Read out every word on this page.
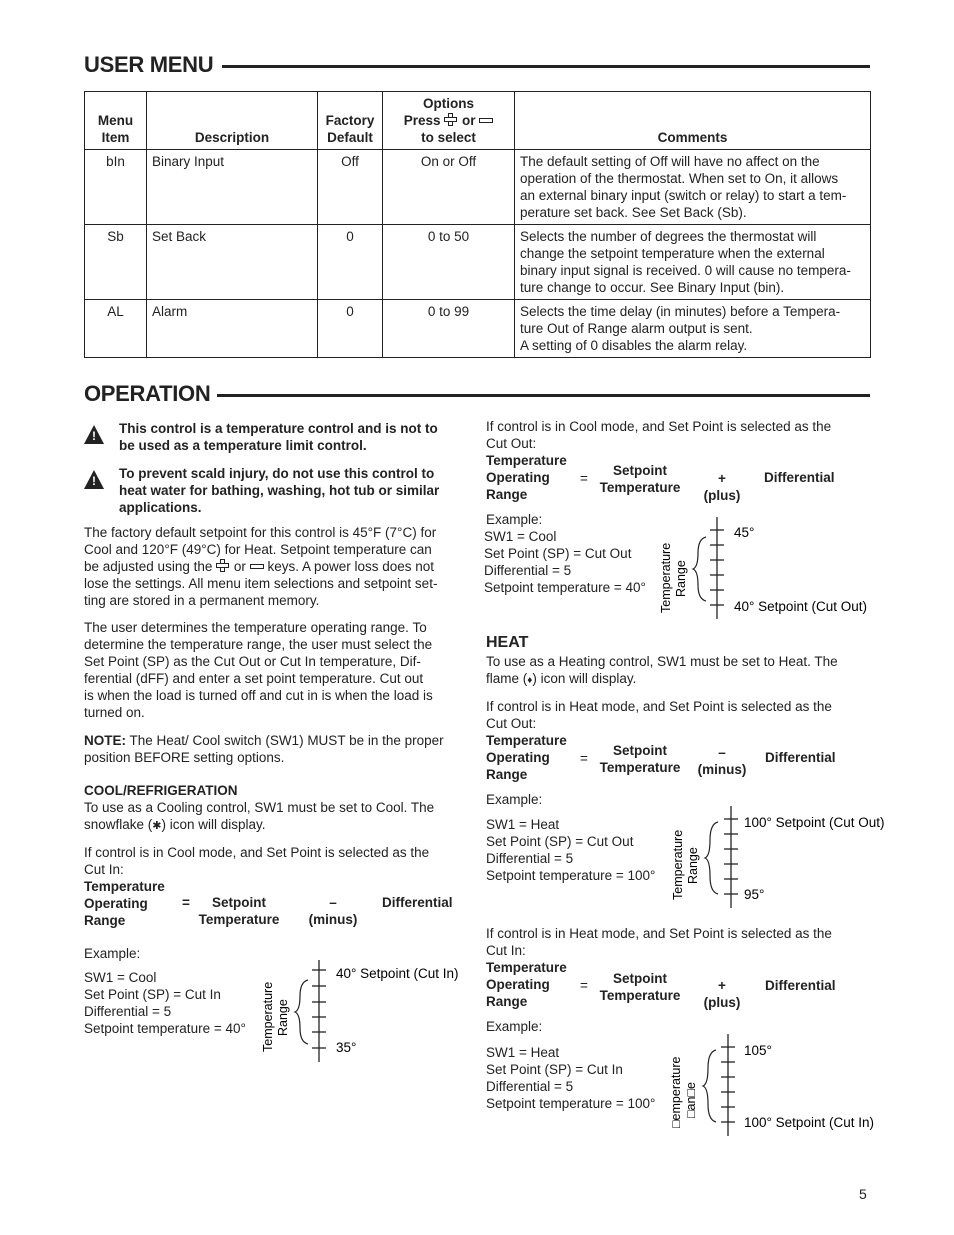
USER MENU
Menu
Item	Description	Factory
Default	Options
Press or
to select	Comments
bIn	Binary Input	Off	On or Off	The default setting of Off will have no affect on the
operation of the thermostat. When set to On, it allows
an external binary input (switch or relay) to start a tem-
perature set back. See Set Back (Sb).
Sb	Set Back	0	0 to 50	Selects the number of degrees the thermostat will
change the setpoint temperature when the external
binary input signal is received. 0 will cause no tempera-
ture change to occur. See Binary Input (bin).
AL	Alarm	0	0 to 99	Selects the time delay (in minutes) before a Tempera-
ture Out of Range alarm output is sent.
A setting of 0 disables the alarm relay.
OPERATION
! This control is a temperature control and is not to

be used as a temperature limit control.

! To prevent scald injury, do not use this control to

heat water for bathing, washing, hot tub or similar

applications.

The factory default setpoint for this control is 45°F (7°C) for

Cool and 120°F (49°C) for Heat. Setpoint temperature can

be adjusted using the or keys. A power loss does not

lose the settings. All menu item selections and setpoint set-

ting are stored in a permanent memory.

The user determines the temperature operating range. To

determine the temperature range, the user must select the

Set Point (SP) as the Cut Out or Cut In temperature, Dif-

ferential (dFF) and enter a set point temperature. Cut out

is when the load is turned off and cut in is when the load is

turned on.

NOTE: The Heat/ Cool switch (SW1) MUST be in the proper

position BEFORE setting options.

COOL/REFRIGERATION

To use as a Cooling control, SW1 must be set to Cool. The

snowflake (✱) icon will display.

If control is in Cool mode, and Set Point is selected as the

Cut In:

Temperature

Operating

Range

=	Setpoint

Temperature

–

(minus)

Differential
Example:

SW1 = Cool

Set Point (SP) = Cut In

Differential = 5

Setpoint temperature = 40° Temperature Range
40° Setpoint (Cut In)
35°

If control is in Cool mode, and Set Point is selected as the

Cut Out:

Temperature

Operating

Range

=

Setpoint

Temperature

+

(plus)

Differential
Example:

SW1 = Cool

Set Point (SP) = Cut Out

Differential = 5

Setpoint temperature = 40° Temperature Range
45°
40° Setpoint (Cut Out)
HEAT

To use as a Heating control, SW1 must be set to Heat. The

flame (♦) icon will display.

If control is in Heat mode, and Set Point is selected as the

Cut Out:

Temperature

Operating

Range

=

Setpoint

Temperature

–

(minus)

Differential
Example:

SW1 = Heat

Set Point (SP) = Cut Out

Differential = 5

Setpoint temperature = 100° Temperature Range
100° Setpoint (Cut Out)
95°

If control is in Heat mode, and Set Point is selected as the

Cut In:

Temperature

Operating

Range

=	Setpoint

Temperature

+

(plus)

Differential
Example:

SW1 = Heat

Set Point (SP) = Cut In

Differential = 5

Setpoint temperature = 100° □emperature □an□e
105°
100° Setpoint (Cut In)
5
